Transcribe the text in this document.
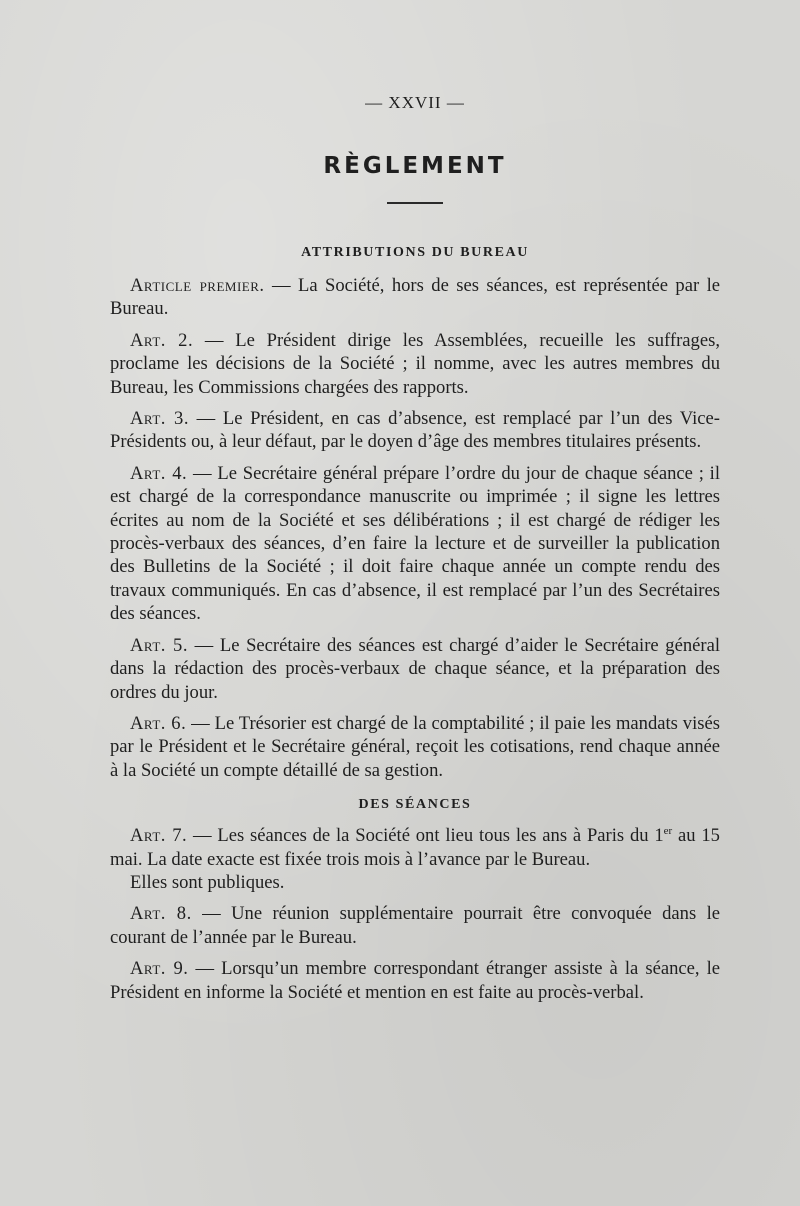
— XXVII —
RÈGLEMENT
ATTRIBUTIONS DU BUREAU

Article premier. — La Société, hors de ses séances, est représentée par le Bureau.

Art. 2. — Le Président dirige les Assemblées, recueille les suffrages, proclame les décisions de la Société ; il nomme, avec les autres membres du Bureau, les Commissions chargées des rapports.

Art. 3. — Le Président, en cas d’absence, est remplacé par l’un des Vice-Présidents ou, à leur défaut, par le doyen d’âge des membres titulaires présents.

Art. 4. — Le Secrétaire général prépare l’ordre du jour de chaque séance ; il est chargé de la correspondance manuscrite ou imprimée ; il signe les lettres écrites au nom de la Société et ses délibérations ; il est chargé de rédiger les procès-verbaux des séances, d’en faire la lecture et de surveiller la publication des Bulletins de la Société ; il doit faire chaque année un compte rendu des travaux communiqués. En cas d’absence, il est remplacé par l’un des Secrétaires des séances.

Art. 5. — Le Secrétaire des séances est chargé d’aider le Secrétaire général dans la rédaction des procès-verbaux de chaque séance, et la préparation des ordres du jour.

Art. 6. — Le Trésorier est chargé de la comptabilité ; il paie les mandats visés par le Président et le Secrétaire général, reçoit les cotisations, rend chaque année à la Société un compte détaillé de sa gestion.

DES SÉANCES

Art. 7. — Les séances de la Société ont lieu tous les ans à Paris du 1er au 15 mai. La date exacte est fixée trois mois à l’avance par le Bureau.

Elles sont publiques.

Art. 8. — Une réunion supplémentaire pourrait être convoquée dans le courant de l’année par le Bureau.

Art. 9. — Lorsqu’un membre correspondant étranger assiste à la séance, le Président en informe la Société et mention en est faite au procès-verbal.
